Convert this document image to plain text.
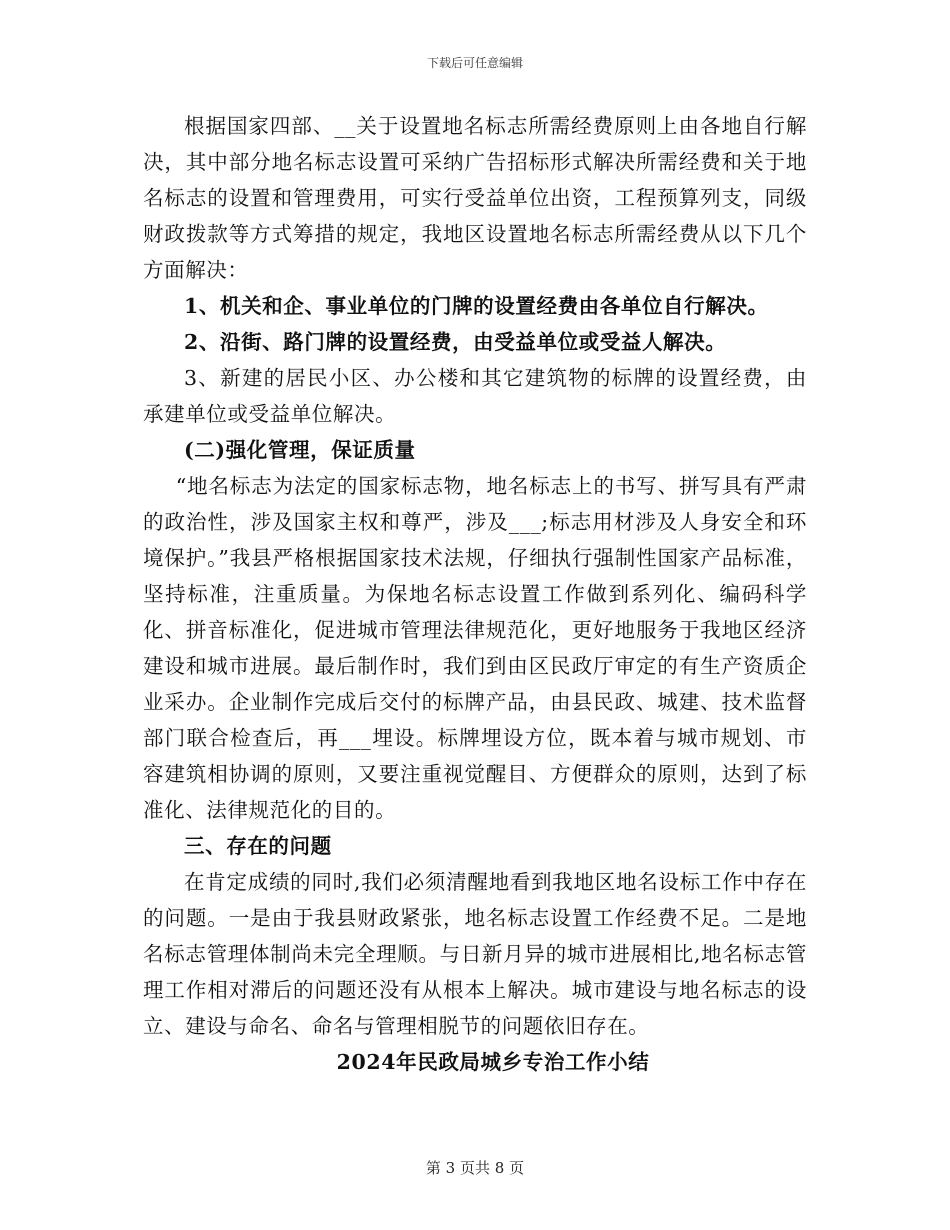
下载后可任意编辑

根据国家四部、__关于设置地名标志所需经费原则上由各地自行解决，其中部分地名标志设置可采纳广告招标形式解决所需经费和关于地名标志的设置和管理费用，可实行受益单位出资，工程预算列支，同级财政拨款等方式筹措的规定，我地区设置地名标志所需经费从以下几个方面解决：

1、机关和企、事业单位的门牌的设置经费由各单位自行解决。

2、沿街、路门牌的设置经费，由受益单位或受益人解决。

3、新建的居民小区、办公楼和其它建筑物的标牌的设置经费，由承建单位或受益单位解决。

(二)强化管理，保证质量

“地名标志为法定的国家标志物，地名标志上的书写、拼写具有严肃的政治性，涉及国家主权和尊严，涉及___;标志用材涉及人身安全和环境保护。”我县严格根据国家技术法规，仔细执行强制性国家产品标准，坚持标准，注重质量。为保地名标志设置工作做到系列化、编码科学化、拼音标准化，促进城市管理法律规范化，更好地服务于我地区经济建设和城市进展。最后制作时，我们到由区民政厅审定的有生产资质企业采办。企业制作完成后交付的标牌产品，由县民政、城建、技术监督部门联合检查后，再___埋设。标牌埋设方位，既本着与城市规划、市容建筑相协调的原则，又要注重视觉醒目、方便群众的原则，达到了标准化、法律规范化的目的。

三、存在的问题

在肯定成绩的同时,我们必须清醒地看到我地区地名设标工作中存在的问题。一是由于我县财政紧张，地名标志设置工作经费不足。二是地名标志管理体制尚未完全理顺。与日新月异的城市进展相比,地名标志管理工作相对滞后的问题还没有从根本上解决。城市建设与地名标志的设立、建设与命名、命名与管理相脱节的问题依旧存在。

2024年民政局城乡专治工作小结

第 3 页共 8 页
